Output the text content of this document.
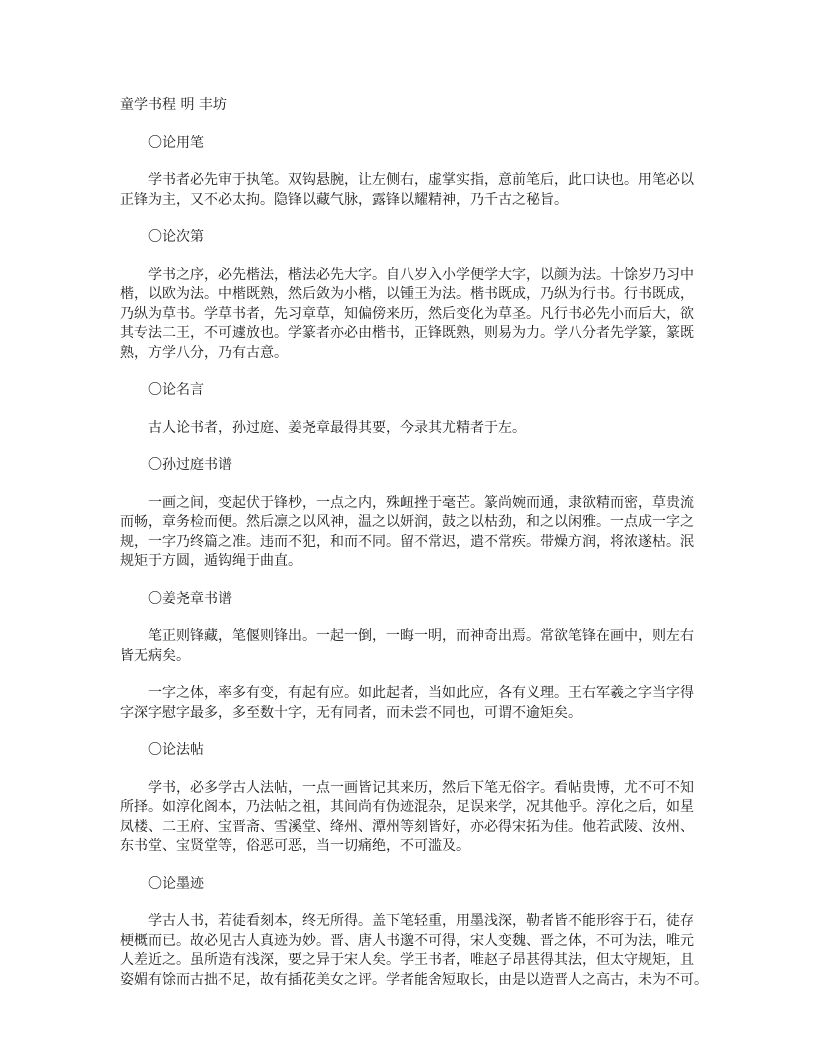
童学书程 明 丰坊
〇论用笔
学书者必先审于执笔。双钩悬腕，让左侧右，虚掌实指，意前笔后，此口诀也。用笔必以
正锋为主，又不必太拘。隐锋以藏气脉，露锋以耀精神，乃千古之秘旨。
〇论次第
学书之序，必先楷法，楷法必先大字。自八岁入小学便学大字，以颜为法。十馀岁乃习中
楷，以欧为法。中楷既熟，然后敛为小楷，以锺王为法。楷书既成，乃纵为行书。行书既成，
乃纵为草书。学草书者，先习章草，知偏傍来历，然后变化为草圣。凡行书必先小而后大，欲
其专法二王，不可遽放也。学篆者亦必由楷书，正锋既熟，则易为力。学八分者先学篆，篆既
熟，方学八分，乃有古意。
〇论名言
古人论书者，孙过庭、姜尧章最得其要，今录其尤精者于左。
〇孙过庭书谱
一画之间，变起伏于锋杪，一点之内，殊衄挫于毫芒。篆尚婉而通，隶欲精而密，草贵流
而畅，章务检而便。然后凛之以风神，温之以妍润，鼓之以枯劲，和之以闲雅。一点成一字之
规，一字乃终篇之准。违而不犯，和而不同。留不常迟，遣不常疾。带燥方润，将浓遂枯。泯
规矩于方圆，遁钩绳于曲直。
〇姜尧章书谱
笔正则锋藏，笔偃则锋出。一起一倒，一晦一明，而神奇出焉。常欲笔锋在画中，则左右
皆无病矣。
一字之体，率多有变，有起有应。如此起者，当如此应，各有义理。王右军羲之字当字得
字深字慰字最多，多至数十字，无有同者，而未尝不同也，可谓不逾矩矣。
〇论法帖
学书，必多学古人法帖，一点一画皆记其来历，然后下笔无俗字。看帖贵博，尤不可不知
所择。如淳化阁本，乃法帖之祖，其间尚有伪迹混杂，足误来学，况其他乎。淳化之后，如星
凤楼、二王府、宝晋斋、雪溪堂、绛州、潭州等刻皆好，亦必得宋拓为佳。他若武陵、汝州、
东书堂、宝贤堂等，俗恶可恶，当一切痛绝，不可滥及。
〇论墨迹
学古人书，若徒看刻本，终无所得。盖下笔轻重，用墨浅深，勒者皆不能形容于石，徒存
梗概而已。故必见古人真迹为妙。晋、唐人书邈不可得，宋人变魏、晋之体，不可为法，唯元
人差近之。虽所造有浅深，要之异于宋人矣。学王书者，唯赵子昂甚得其法，但太守规矩，且
姿媚有馀而古拙不足，故有插花美女之评。学者能舍短取长，由是以造晋人之高古，未为不可。
